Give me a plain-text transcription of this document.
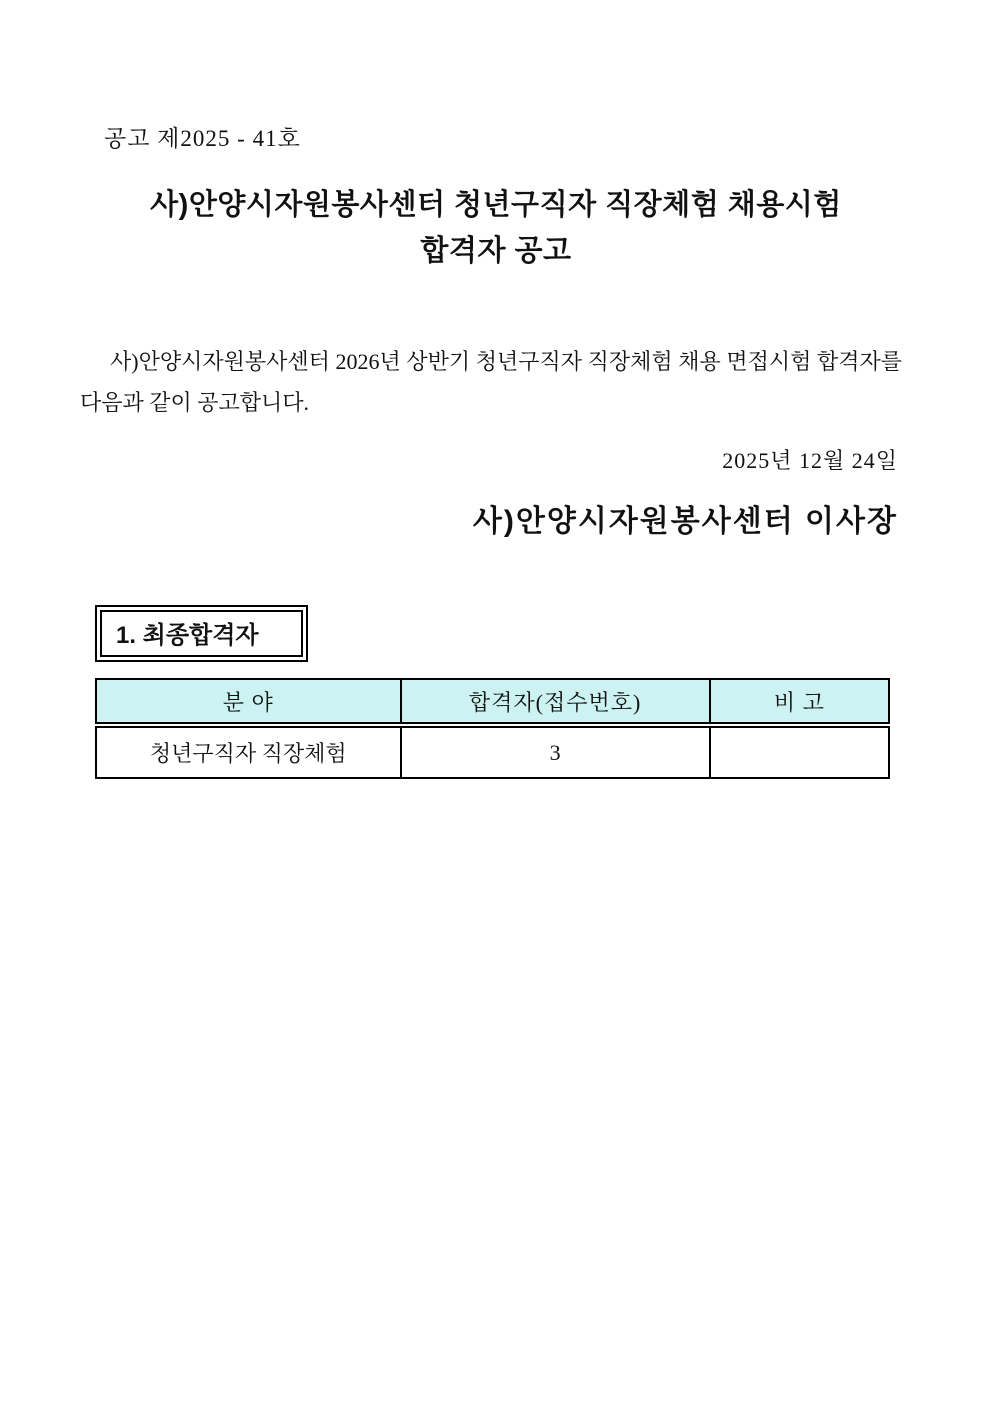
공고 제2025 - 41호
사)안양시자원봉사센터 청년구직자 직장체험 채용시험
합격자 공고
사)안양시자원봉사센터 2026년 상반기 청년구직자 직장체험 채용 면접시험 합격자를 다음과 같이 공고합니다.
2025년 12월 24일
사)안양시자원봉사센터 이사장
1. 최종합격자
분 야	합격자(접수번호)	비 고
청년구직자 직장체험	3	
